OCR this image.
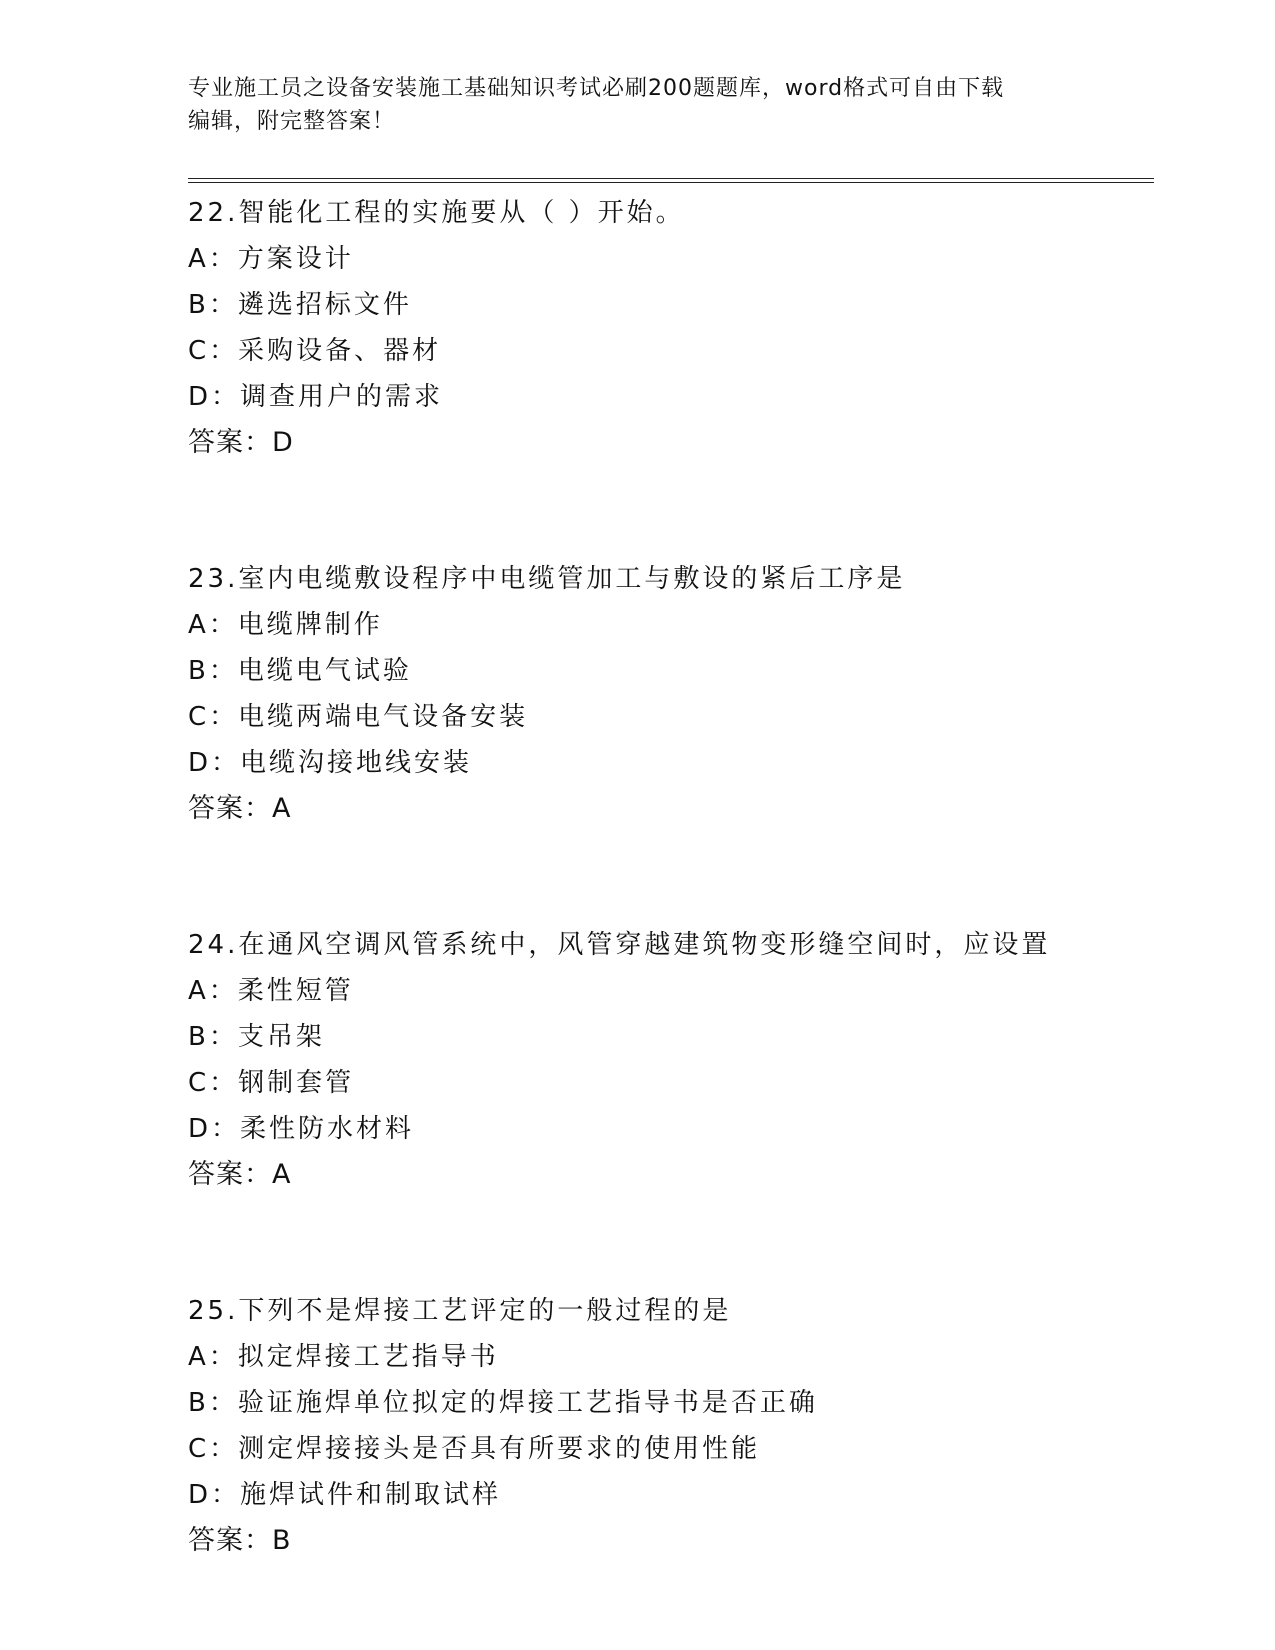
专业施工员之设备安装施工基础知识考试必刷200题题库，word格式可自由下载
编辑，附完整答案！
22.智能化工程的实施要从（ ）开始。
A：方案设计
B：遴选招标文件
C：采购设备、器材
D：调查用户的需求
答案：D
23.室内电缆敷设程序中电缆管加工与敷设的紧后工序是
A：电缆牌制作
B：电缆电气试验
C：电缆两端电气设备安装
D：电缆沟接地线安装
答案：A
24.在通风空调风管系统中，风管穿越建筑物变形缝空间时，应设置
A：柔性短管
B：支吊架
C：钢制套管
D：柔性防水材料
答案：A
25.下列不是焊接工艺评定的一般过程的是
A：拟定焊接工艺指导书
B：验证施焊单位拟定的焊接工艺指导书是否正确
C：测定焊接接头是否具有所要求的使用性能
D：施焊试件和制取试样
答案：B
